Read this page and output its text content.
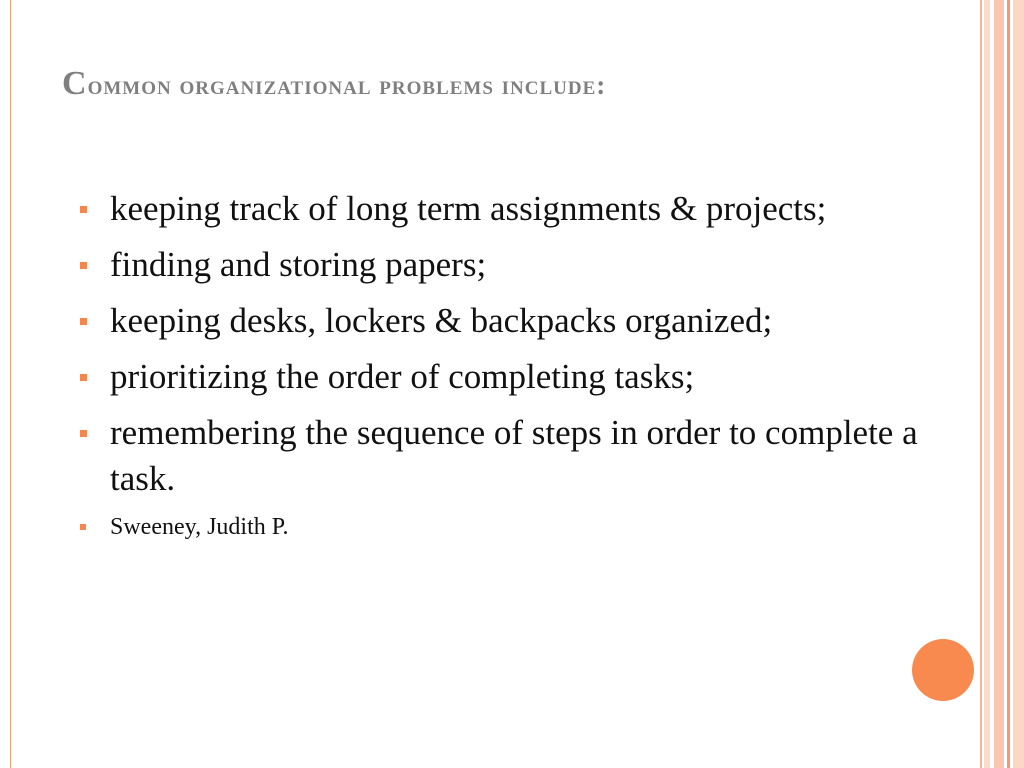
Common organizational problems include:
keeping track of long term assignments & projects;
finding and storing papers;
keeping desks, lockers & backpacks organized;
prioritizing the order of completing tasks;
remembering the sequence of steps in order to complete a task.
Sweeney, Judith P.
